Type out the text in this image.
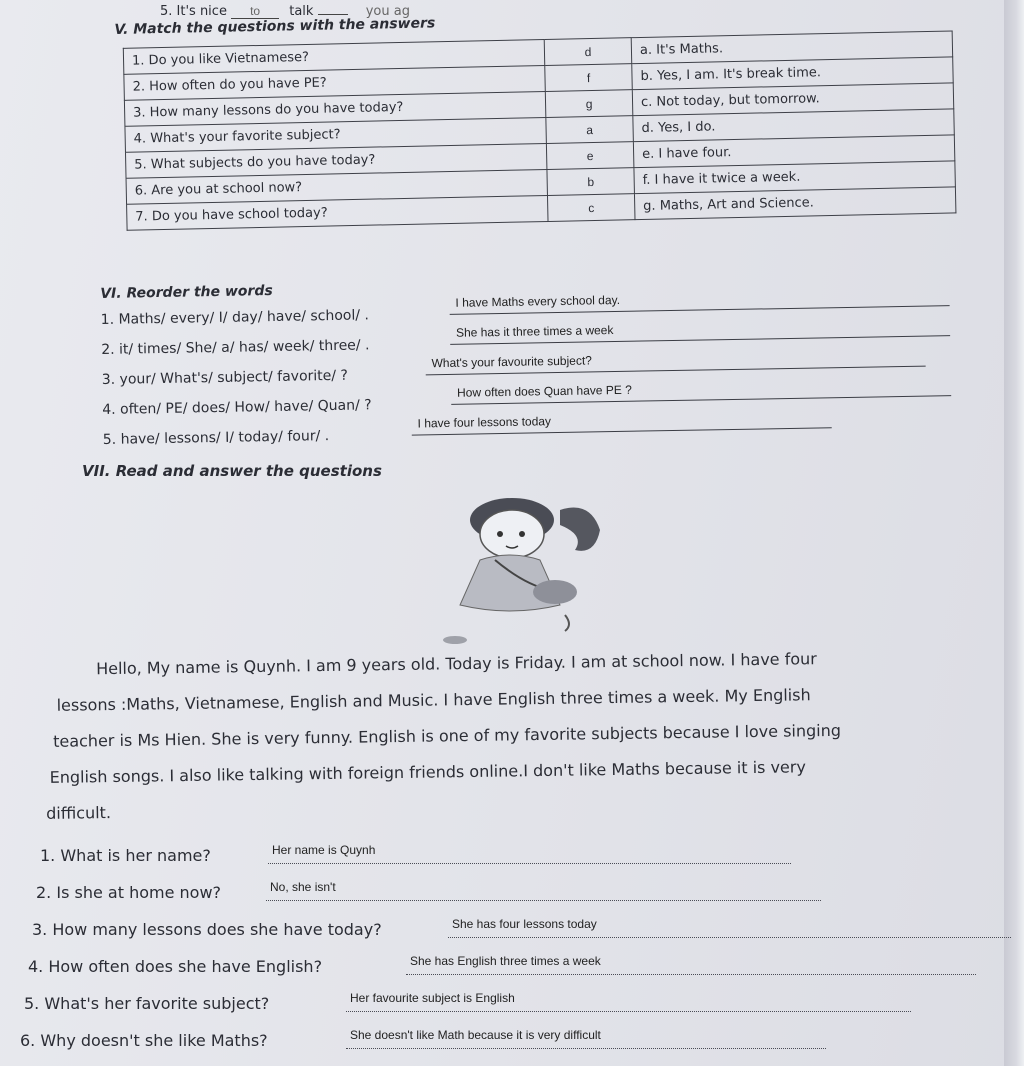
5. It's nice to talk	you ag
V. Match the questions with the answers
1. Do you like Vietnamese?	d	a. It's Maths.
2. How often do you have PE?	f	b. Yes, I am. It's break time.
3. How many lessons do you have today?	g	c. Not today, but tomorrow.
4. What's your favorite subject?	a	d. Yes, I do.
5. What subjects do you have today?	e	e. I have four.
6. Are you at school now?	b	f. I have it twice a week.
7. Do you have school today?	c	g. Maths, Art and Science.
VI. Reorder the words
1. Maths/ every/ I/ day/ have/ school/ .
I have Maths every school day.
2. it/ times/ She/ a/ has/ week/ three/ .
She has it three times a week
3. your/ What's/ subject/ favorite/ ?
What's your favourite subject?
4. often/ PE/ does/ How/ have/ Quan/ ?
How often does Quan have PE ?
5. have/ lessons/ I/ today/ four/ .
I have four lessons today
VII. Read and answer the questions
Hello, My name is Quynh. I am 9 years old. Today is Friday. I am at school now. I have four
lessons :Maths, Vietnamese, English and Music. I have English three times a week. My English
teacher is Ms Hien. She is very funny. English is one of my favorite subjects because I love singing
English songs. I also like talking with foreign friends online.I don't like Maths because it is very
difficult.
1. What is her name?	Her name is Quynh
2. Is she at home now?	No, she isn't
3. How many lessons does she have today?	She has four lessons today
4. How often does she have English?	She has English three times a week
5. What's her favorite subject?	Her favourite subject is English
6. Why doesn't she like Maths?	She doesn't like Math because it is very difficult
